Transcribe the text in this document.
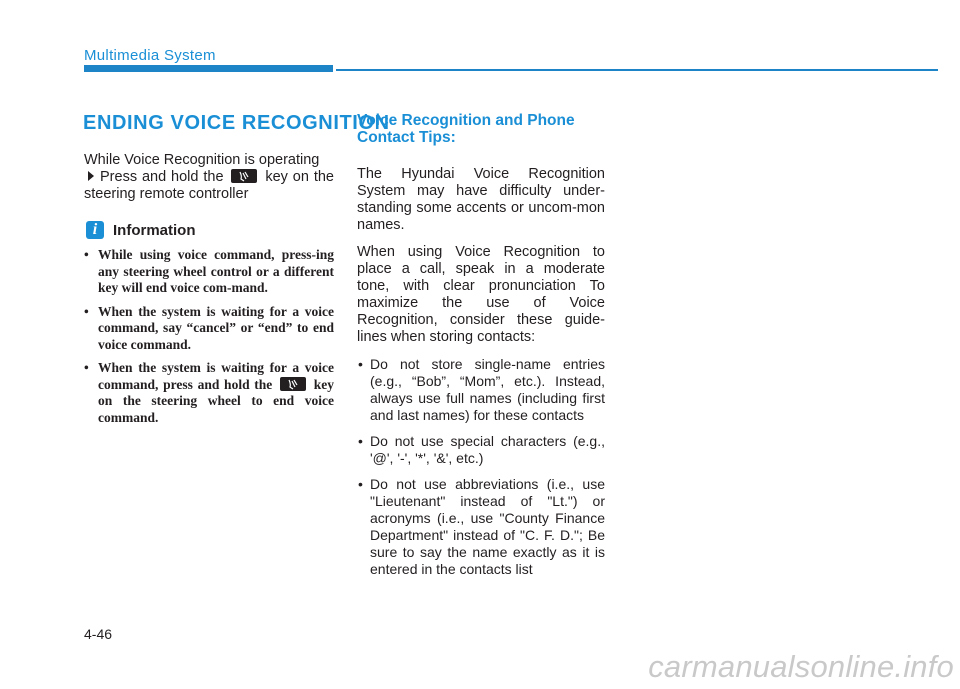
Multimedia System
ENDING VOICE RECOGNITION

While Voice Recognition is operating
Press and hold the	key on the steering remote controller

i	Information
• While using voice command, press-ing any steering wheel control or a different key will end voice com-mand.
• When the system is waiting for a voice command, say “cancel” or “end” to end voice command.
• When the system is waiting for a voice command, press and hold the	key on the steering wheel to end voice command.
Voice Recognition and Phone Contact Tips:

The Hyundai Voice Recognition System may have difficulty under-standing some accents or uncom-mon names.

When using Voice Recognition to place a call, speak in a moderate tone, with clear pronunciation To maximize the use of Voice Recognition, consider these guide-lines when storing contacts:

• Do not store single-name entries (e.g., “Bob”, “Mom”, etc.). Instead, always use full names (including first and last names) for these contacts
• Do not use special characters (e.g., '@', '-', '*', '&', etc.)
• Do not use abbreviations (i.e., use "Lieutenant" instead of "Lt.") or acronyms (i.e., use "County Finance Department" instead of "C. F. D."; Be sure to say the name exactly as it is entered in the contacts list
4-46
carmanualsonline.info
